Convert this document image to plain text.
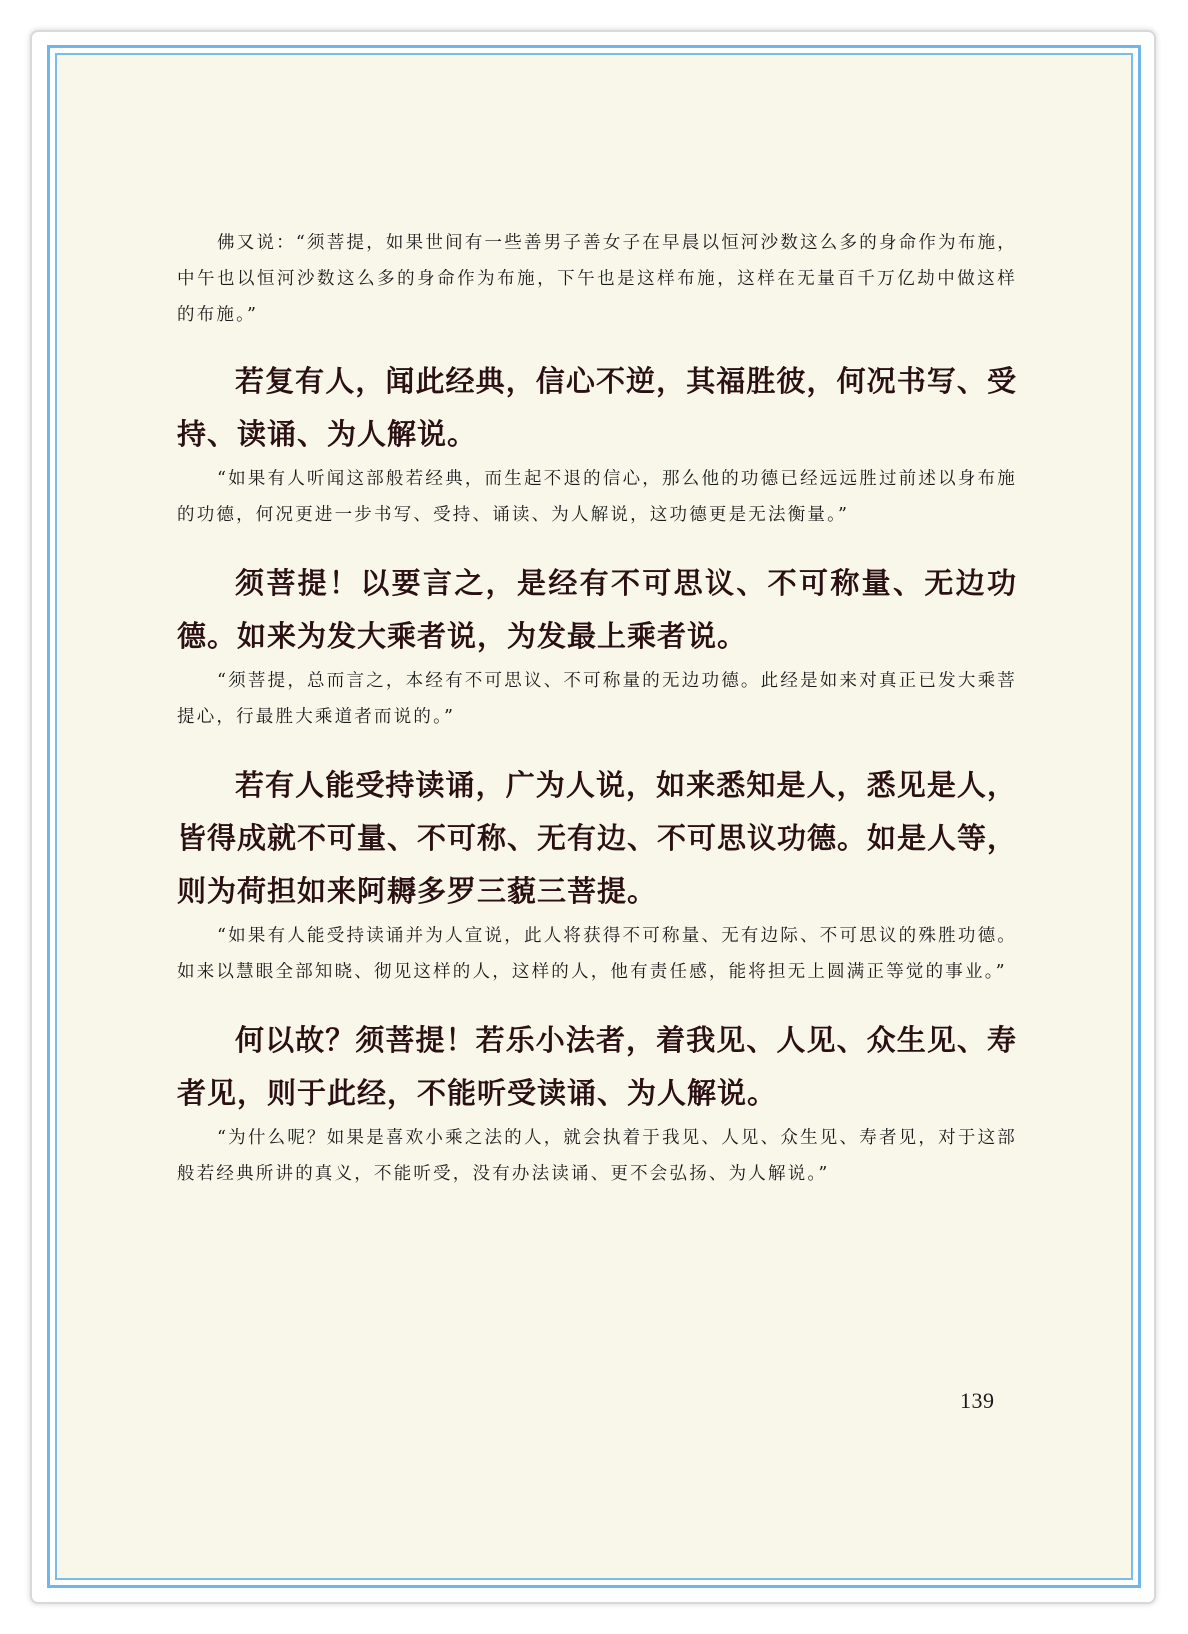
佛又说：“须菩提，如果世间有一些善男子善女子在早晨以恒河沙数这么多的身命作为布施，中午也以恒河沙数这么多的身命作为布施，下午也是这样布施，这样在无量百千万亿劫中做这样的布施。”

若复有人，闻此经典，信心不逆，其福胜彼，何况书写、受持、读诵、为人解说。

“如果有人听闻这部般若经典，而生起不退的信心，那么他的功德已经远远胜过前述以身布施的功德，何况更进一步书写、受持、诵读、为人解说，这功德更是无法衡量。”

须菩提！以要言之，是经有不可思议、不可称量、无边功德。如来为发大乘者说，为发最上乘者说。

“须菩提，总而言之，本经有不可思议、不可称量的无边功德。此经是如来对真正已发大乘菩提心，行最胜大乘道者而说的。”

若有人能受持读诵，广为人说，如来悉知是人，悉见是人，皆得成就不可量、不可称、无有边、不可思议功德。如是人等，则为荷担如来阿耨多罗三藐三菩提。

“如果有人能受持读诵并为人宣说，此人将获得不可称量、无有边际、不可思议的殊胜功德。如来以慧眼全部知晓、彻见这样的人，这样的人，他有责任感，能将担无上圆满正等觉的事业。”

何以故？须菩提！若乐小法者，着我见、人见、众生见、寿者见，则于此经，不能听受读诵、为人解说。

“为什么呢？如果是喜欢小乘之法的人，就会执着于我见、人见、众生见、寿者见，对于这部般若经典所讲的真义，不能听受，没有办法读诵、更不会弘扬、为人解说。”

139
